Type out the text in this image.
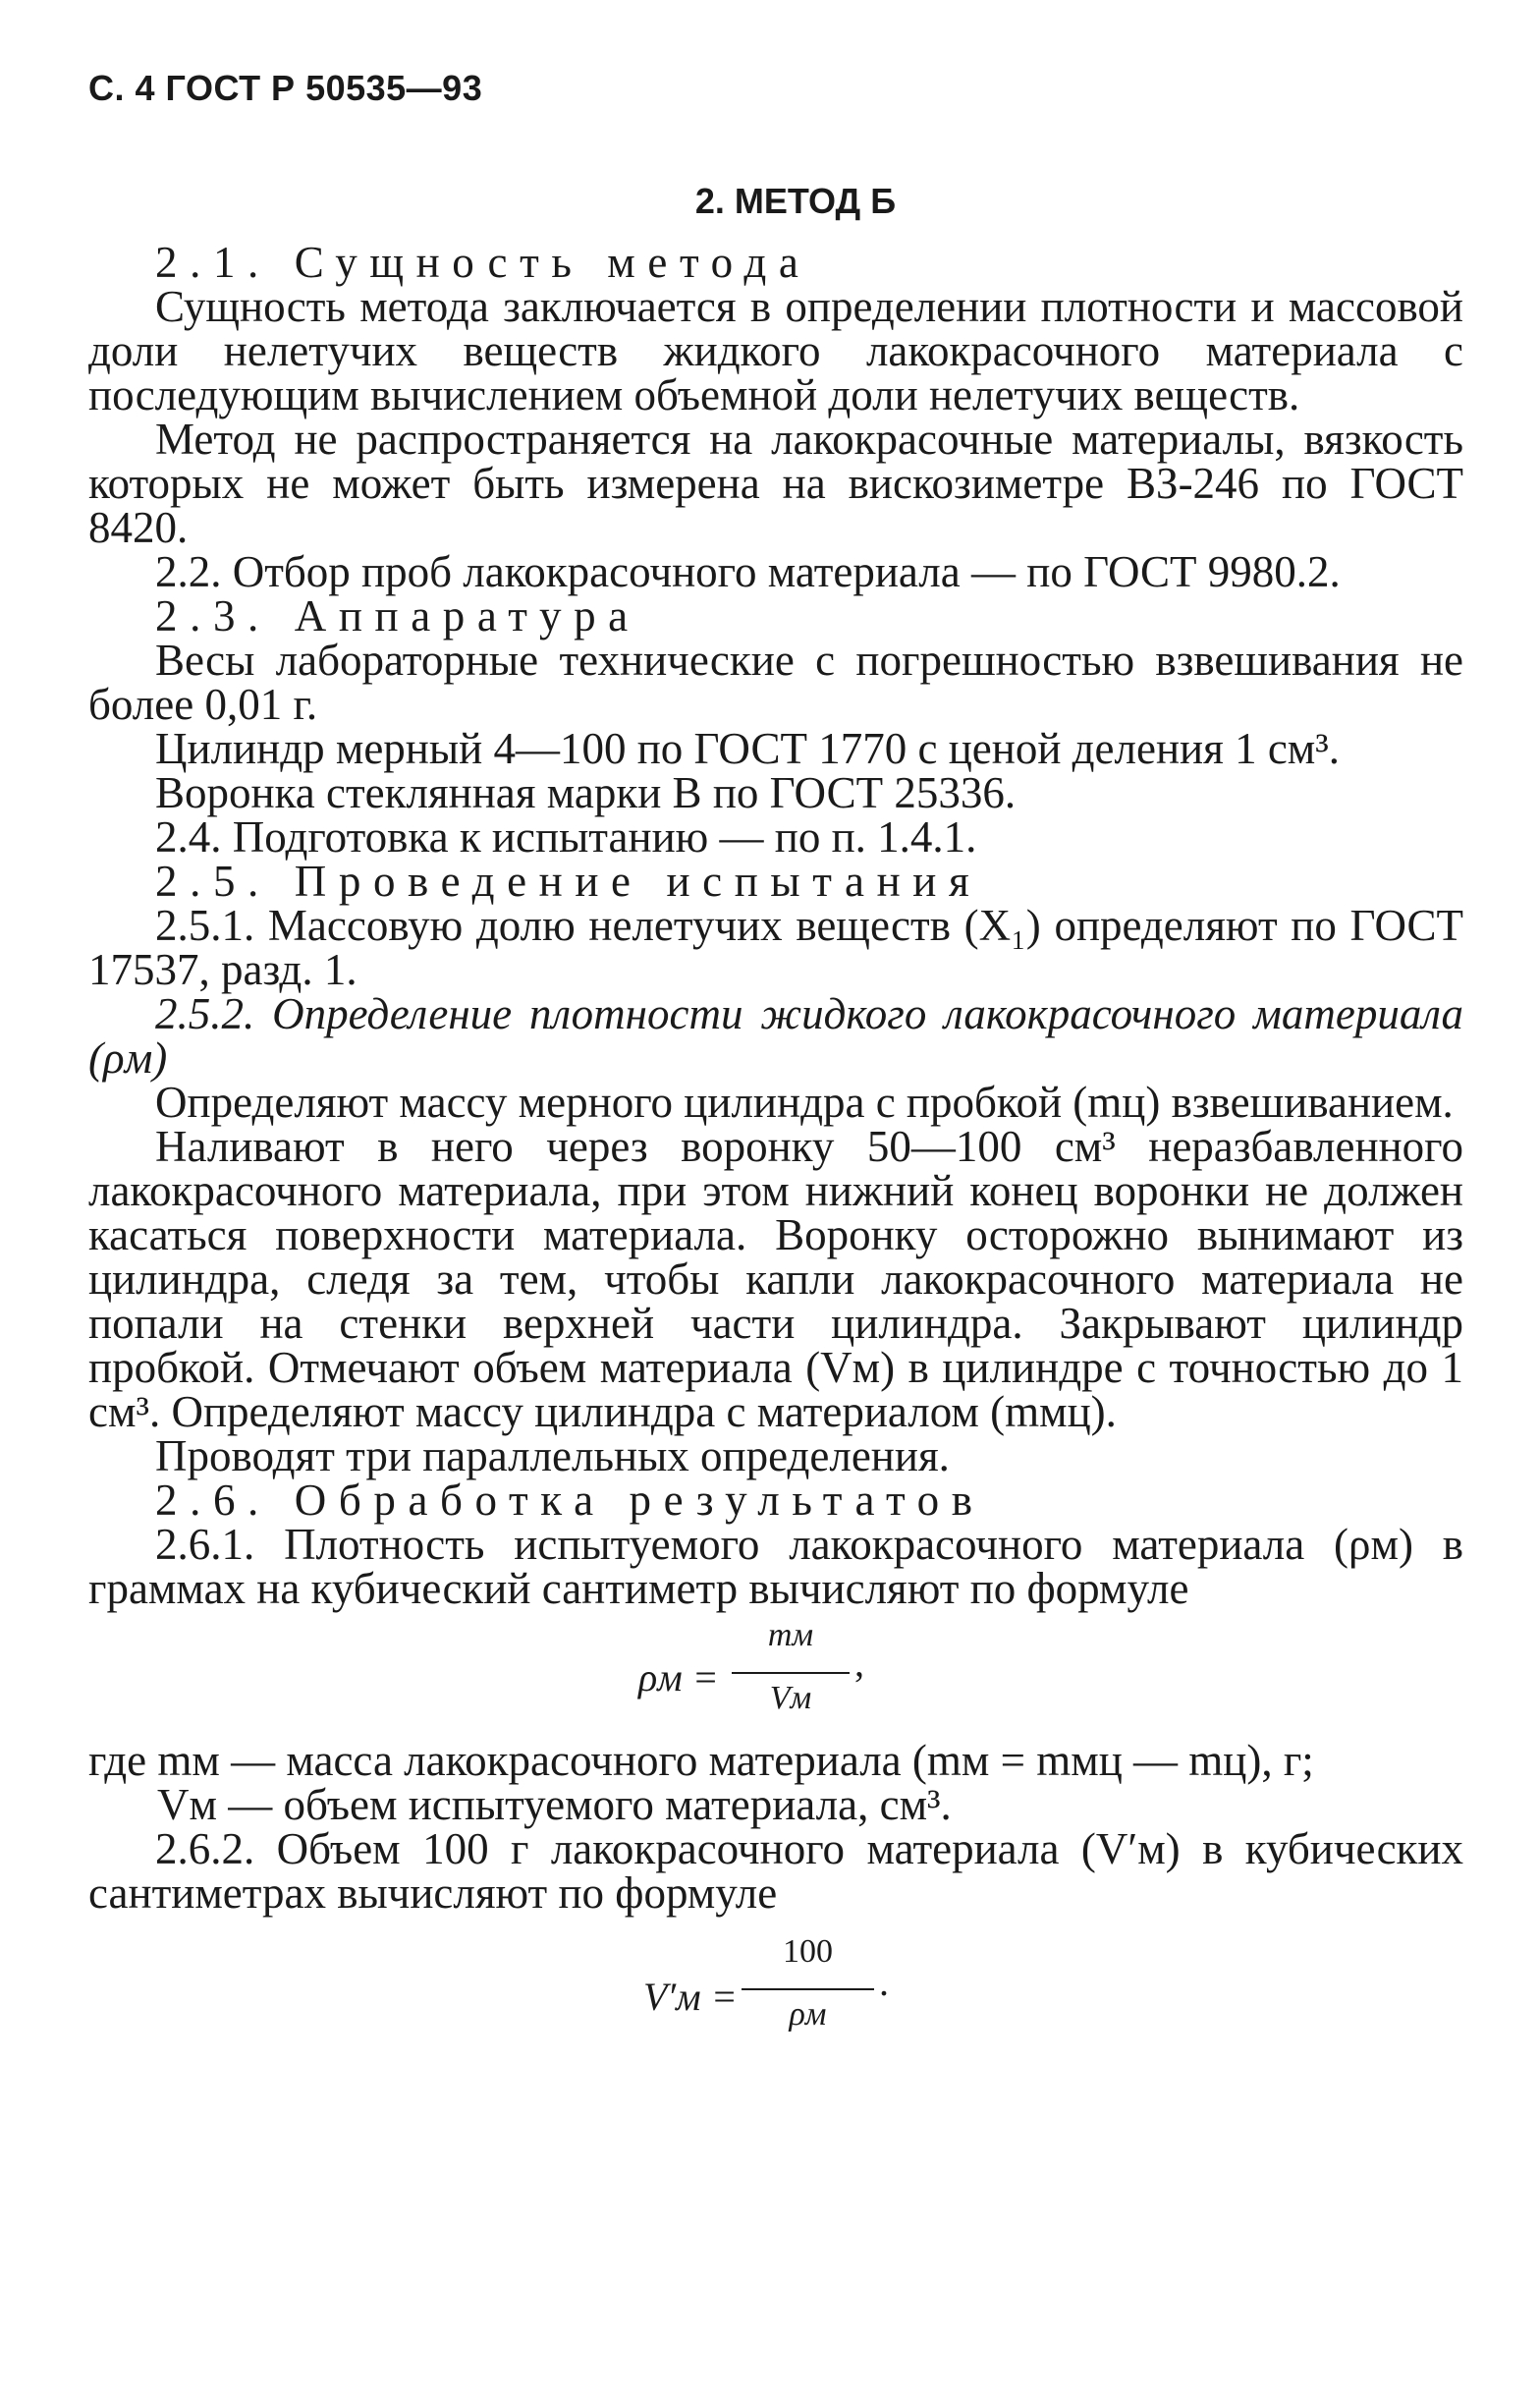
С. 4 ГОСТ Р 50535—93
2. МЕТОД Б

2.1. Сущность метода

Сущность метода заключается в определении плотности и массовой доли нелетучих веществ жидкого лакокрасочного материала с последующим вычислением объемной доли нелетучих веществ.

Метод не распространяется на лакокрасочные материалы, вязкость которых не может быть измерена на вискозиметре ВЗ-246 по ГОСТ 8420.

2.2. Отбор проб лакокрасочного материала — по ГОСТ 9980.2.

2.3. Аппаратура

Весы лабораторные технические с погрешностью взвешивания не более 0,01 г.

Цилиндр мерный 4—100 по ГОСТ 1770 с ценой деления 1 см³.

Воронка стеклянная марки В по ГОСТ 25336.

2.4. Подготовка к испытанию — по п. 1.4.1.

2.5. Проведение испытания

2.5.1. Массовую долю нелетучих веществ (X₁) определяют по ГОСТ 17537, разд. 1.

2.5.2. Определение плотности жидкого лакокрасочного материала (ρм)

Определяют массу мерного цилиндра с пробкой (mц) взвешиванием.

Наливают в него через воронку 50—100 см³ неразбавленного лакокрасочного материала, при этом нижний конец воронки не должен касаться поверхности материала. Воронку осторожно вынимают из цилиндра, следя за тем, чтобы капли лакокрасочного материала не попали на стенки верхней части цилиндра. Закрывают цилиндр пробкой. Отмечают объем материала (Vм) в цилиндре с точностью до 1 см³. Определяют массу цилиндра с материалом (mмц).

Проводят три параллельных определения.

2.6. Обработка результатов

2.6.1. Плотность испытуемого лакокрасочного материала (ρм) в граммах на кубический сантиметр вычисляют по формуле

ρм =
mм
Vм
,

где mм — масса лакокрасочного материала (mм = mмц — mц), г;

Vм — объем испытуемого материала, см³.

2.6.2. Объем 100 г лакокрасочного материала (V′м) в кубических сантиметрах вычисляют по формуле

V′м =
100
ρм
.
